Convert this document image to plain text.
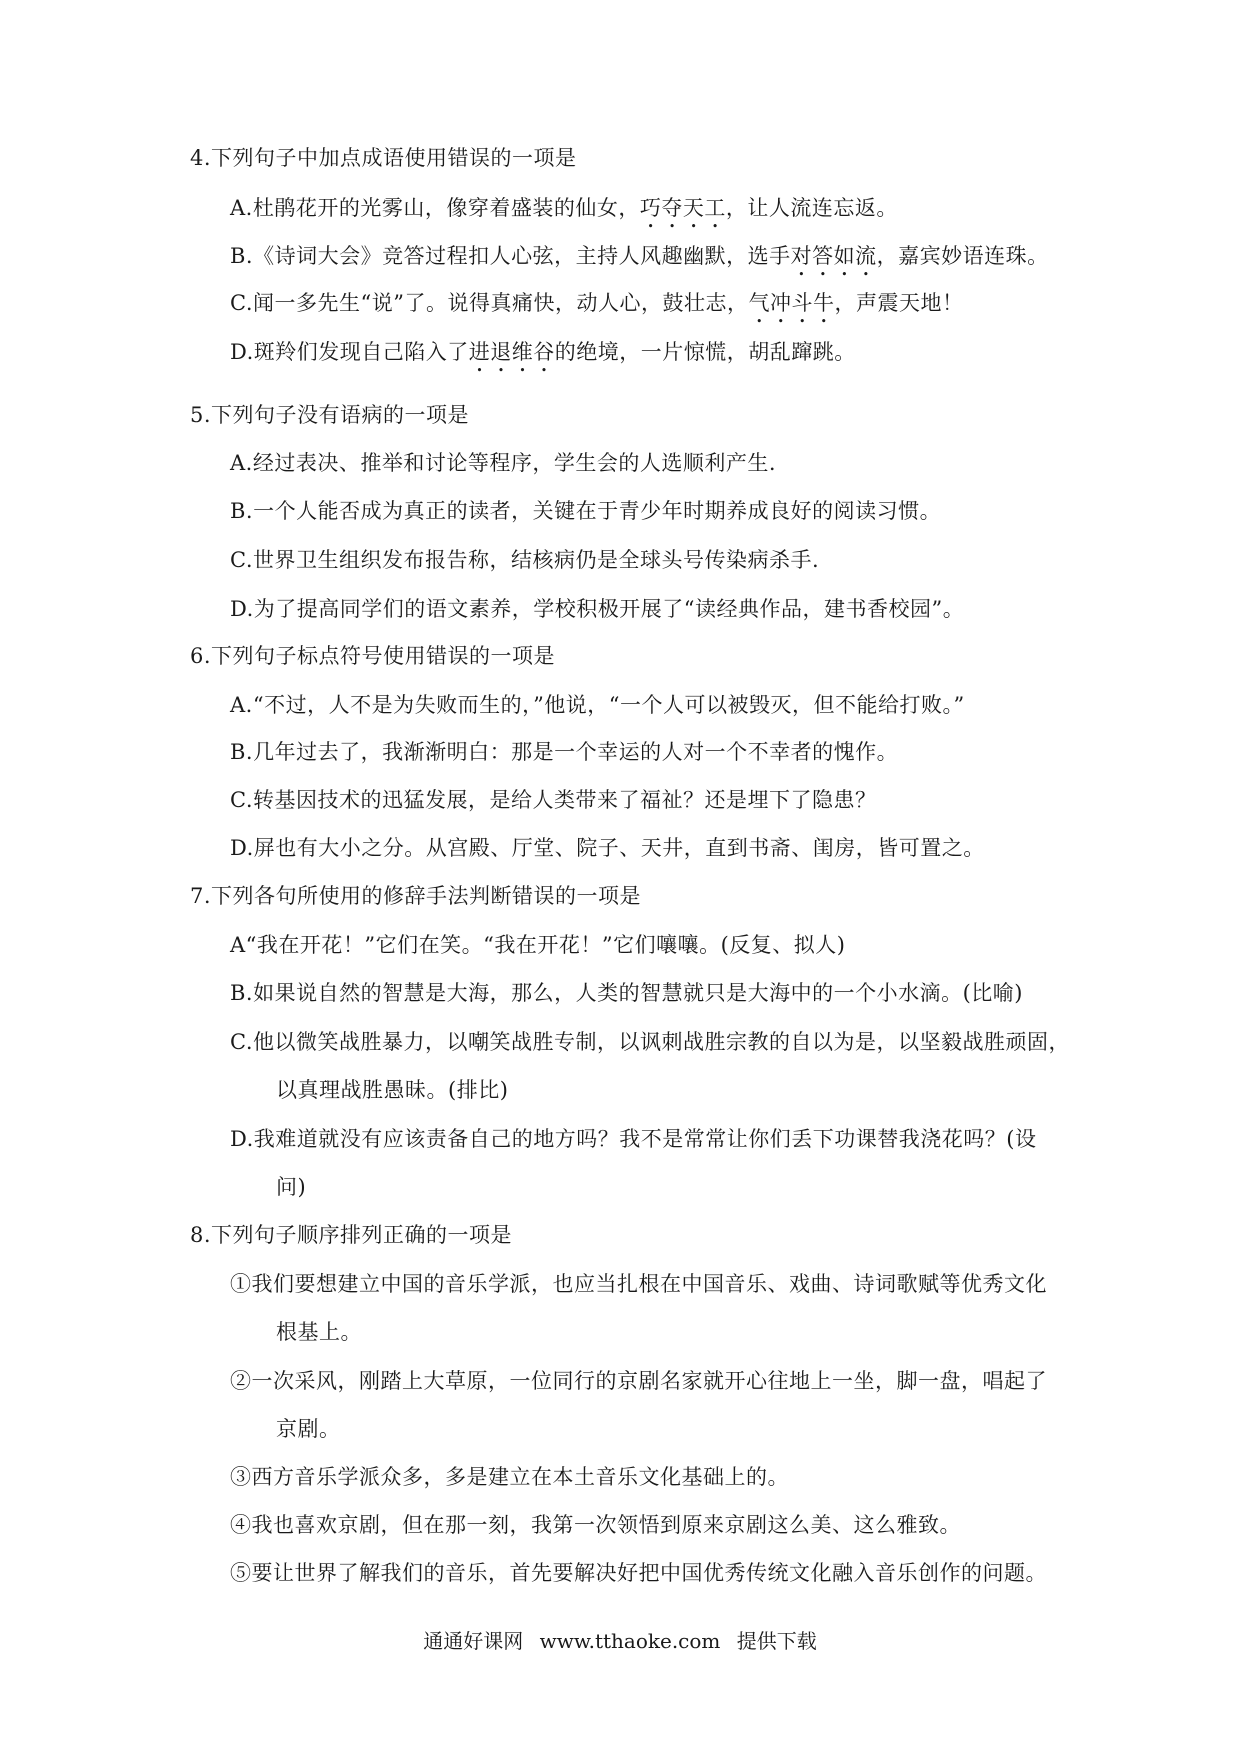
4.下列句子中加点成语使用错误的一项是
A.杜鹃花开的光雾山，像穿着盛装的仙女，巧夺天工，让人流连忘返。
B.《诗词大会》竞答过程扣人心弦，主持人风趣幽默，选手对答如流，嘉宾妙语连珠。
C.闻一多先生“说”了。说得真痛快，动人心，鼓壮志，气冲斗牛，声震天地！
D.斑羚们发现自己陷入了进退维谷的绝境，一片惊慌，胡乱蹿跳。
5.下列句子没有语病的一项是
A.经过表决、推举和讨论等程序，学生会的人选顺利产生.
B.一个人能否成为真正的读者，关键在于青少年时期养成良好的阅读习惯。
C.世界卫生组织发布报告称，结核病仍是全球头号传染病杀手.
D.为了提高同学们的语文素养，学校积极开展了“读经典作品，建书香校园”。
6.下列句子标点符号使用错误的一项是
A.“不过，人不是为失败而生的，”他说，“一个人可以被毁灭，但不能给打败。”
B.几年过去了，我渐渐明白：那是一个幸运的人对一个不幸者的愧作。
C.转基因技术的迅猛发展，是给人类带来了福祉？还是埋下了隐患？
D.屏也有大小之分。从宫殿、厅堂、院子、天井，直到书斋、闺房，皆可置之。
7.下列各句所使用的修辞手法判断错误的一项是
A“我在开花！”它们在笑。“我在开花！”它们嚷嚷。(反复、拟人)
B.如果说自然的智慧是大海，那么，人类的智慧就只是大海中的一个小水滴。(比喻)
C.他以微笑战胜暴力，以嘲笑战胜专制，以讽刺战胜宗教的自以为是，以坚毅战胜顽固，
以真理战胜愚昧。(排比)
D.我难道就没有应该责备自己的地方吗？我不是常常让你们丢下功课替我浇花吗？(设
问)
8.下列句子顺序排列正确的一项是
①我们要想建立中国的音乐学派，也应当扎根在中国音乐、戏曲、诗词歌赋等优秀文化
根基上。
②一次采风，刚踏上大草原，一位同行的京剧名家就开心往地上一坐，脚一盘，唱起了
京剧。
③西方音乐学派众多，多是建立在本土音乐文化基础上的。
④我也喜欢京剧，但在那一刻，我第一次领悟到原来京剧这么美、这么雅致。
⑤要让世界了解我们的音乐，首先要解决好把中国优秀传统文化融入音乐创作的问题。
通通好课网 www.tthaoke.com 提供下载
